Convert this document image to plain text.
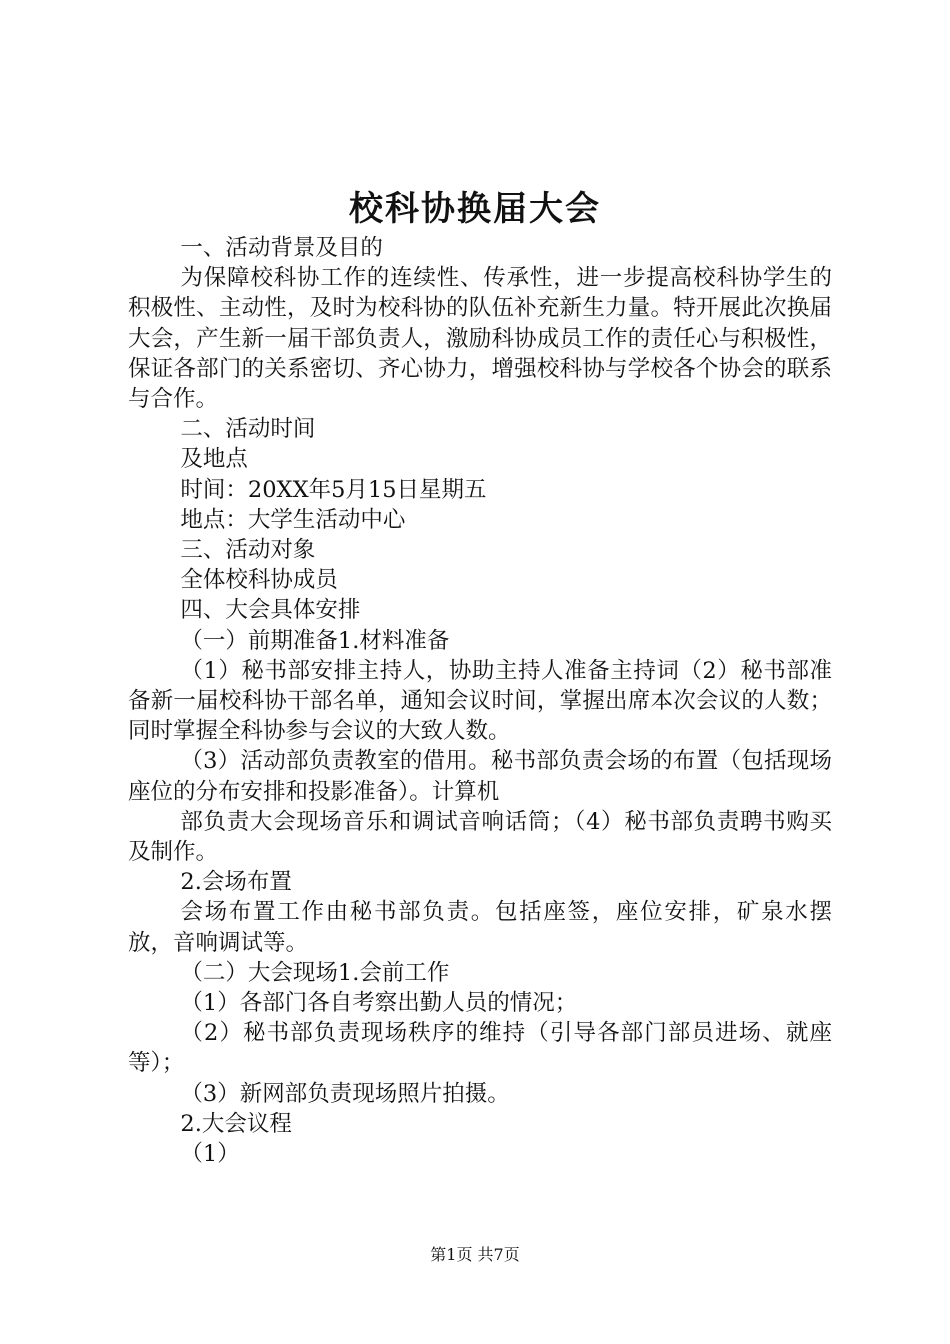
校科协换届大会

一、活动背景及目的

为保障校科协工作的连续性、传承性，进一步提高校科协学生的积极性、主动性，及时为校科协的队伍补充新生力量。特开展此次换届大会，产生新一届干部负责人，激励科协成员工作的责任心与积极性，保证各部门的关系密切、齐心协力，增强校科协与学校各个协会的联系与合作。

二、活动时间

及地点

时间：20XX年5月15日星期五

地点：大学生活动中心

三、活动对象

全体校科协成员

四、大会具体安排

（一）前期准备1.材料准备

（1）秘书部安排主持人，协助主持人准备主持词（2）秘书部准备新一届校科协干部名单，通知会议时间，掌握出席本次会议的人数；同时掌握全科协参与会议的大致人数。

（3）活动部负责教室的借用。秘书部负责会场的布置（包括现场座位的分布安排和投影准备）。计算机

部负责大会现场音乐和调试音响话筒；（4）秘书部负责聘书购买及制作。

2.会场布置

会场布置工作由秘书部负责。包括座签，座位安排，矿泉水摆放，音响调试等。

（二）大会现场1.会前工作

（1）各部门各自考察出勤人员的情况；

（2）秘书部负责现场秩序的维持（引导各部门部员进场、就座等）；

（3）新网部负责现场照片拍摄。

2.大会议程

（1）

第1页 共7页
